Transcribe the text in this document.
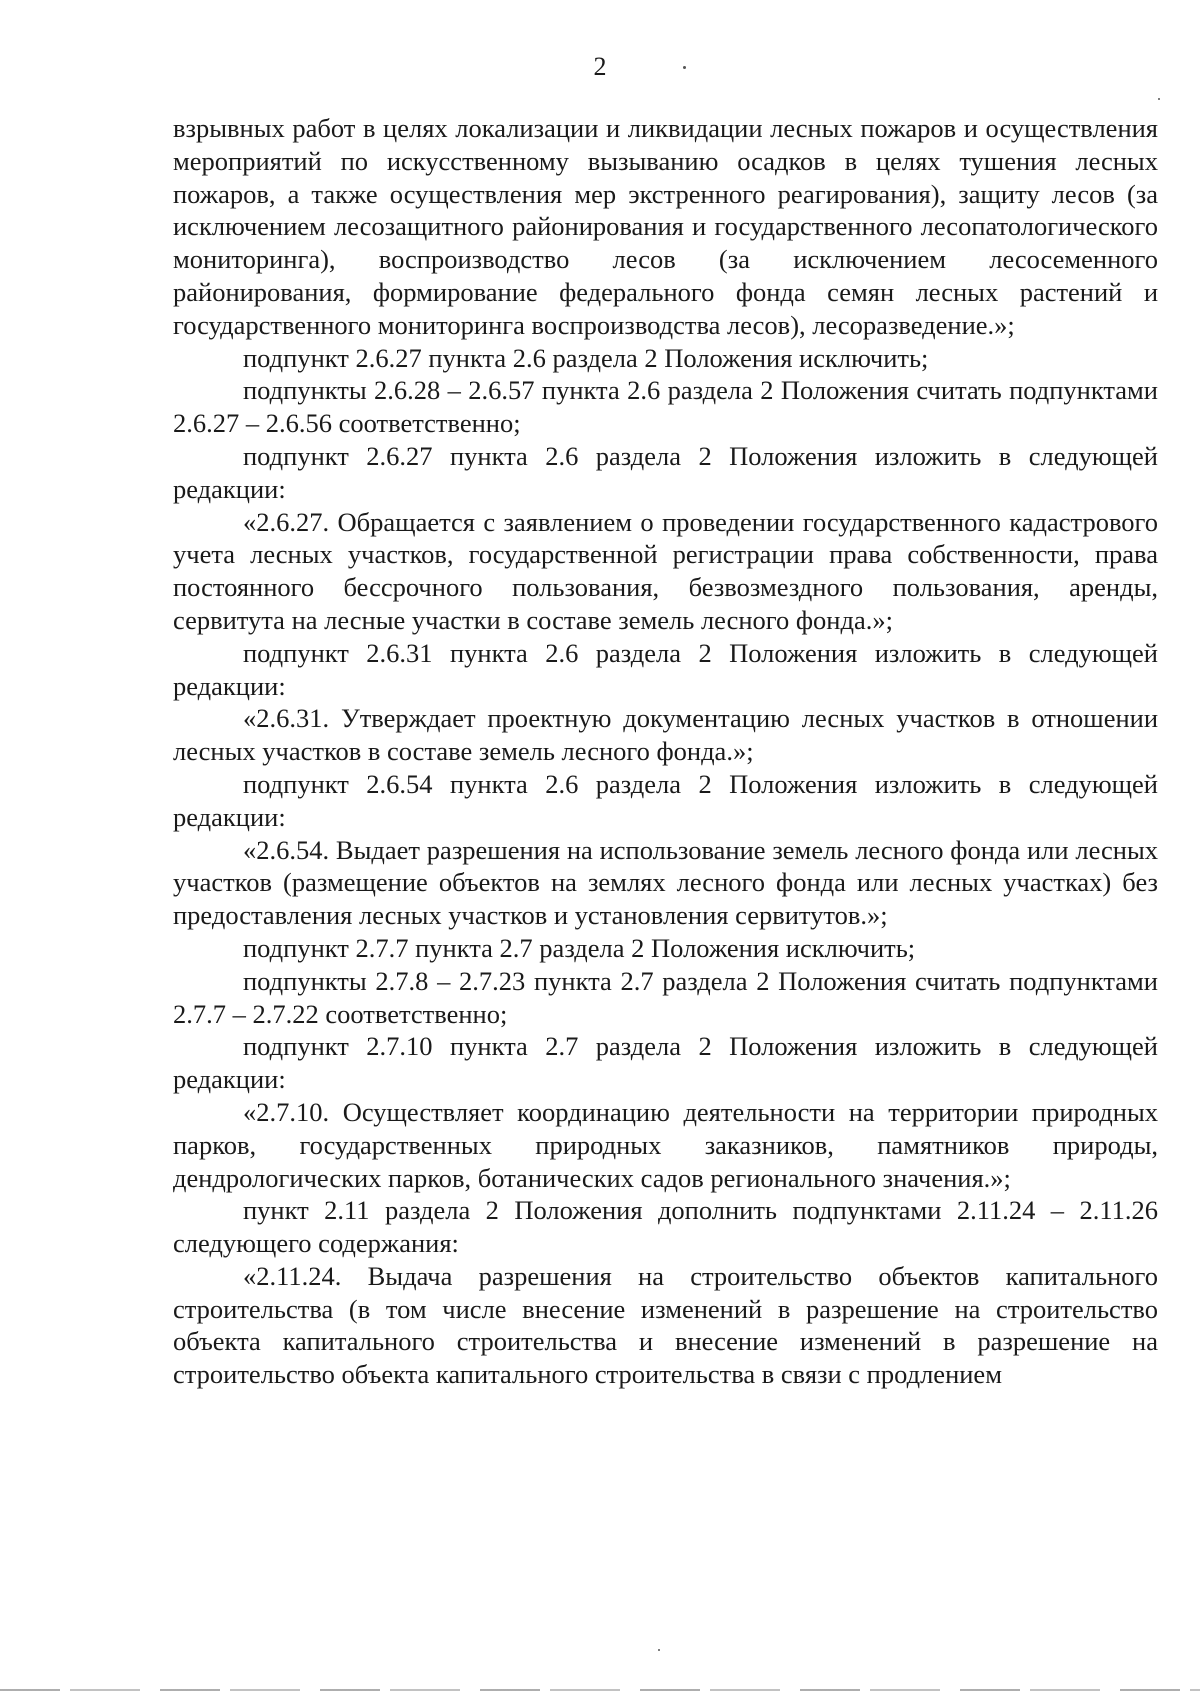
2

взрывных работ в целях локализации и ликвидации лесных пожаров и осуществления мероприятий по искусственному вызыванию осадков в целях тушения лесных пожаров, а также осуществления мер экстренного реагирования), защиту лесов (за исключением лесозащитного районирования и государственного лесопатологического мониторинга), воспроизводство лесов (за исключением лесосеменного районирования, формирование федерального фонда семян лесных растений и государственного мониторинга воспроизводства лесов), лесоразведение.»;

подпункт 2.6.27 пункта 2.6 раздела 2 Положения исключить;

подпункты 2.6.28 – 2.6.57 пункта 2.6 раздела 2 Положения считать подпунктами 2.6.27 – 2.6.56 соответственно;

подпункт 2.6.27 пункта 2.6 раздела 2 Положения изложить в следующей редакции:

«2.6.27. Обращается с заявлением о проведении государственного кадастрового учета лесных участков, государственной регистрации права собственности, права постоянного бессрочного пользования, безвозмездного пользования, аренды, сервитута на лесные участки в составе земель лесного фонда.»;

подпункт 2.6.31 пункта 2.6 раздела 2 Положения изложить в следующей редакции:

«2.6.31. Утверждает проектную документацию лесных участков в отношении лесных участков в составе земель лесного фонда.»;

подпункт 2.6.54 пункта 2.6 раздела 2 Положения изложить в следующей редакции:

«2.6.54. Выдает разрешения на использование земель лесного фонда или лесных участков (размещение объектов на землях лесного фонда или лесных участках) без предоставления лесных участков и установления сервитутов.»;

подпункт 2.7.7 пункта 2.7 раздела 2 Положения исключить;

подпункты 2.7.8 – 2.7.23 пункта 2.7 раздела 2 Положения считать подпунктами 2.7.7 – 2.7.22 соответственно;

подпункт 2.7.10 пункта 2.7 раздела 2 Положения изложить в следующей редакции:

«2.7.10. Осуществляет координацию деятельности на территории природных парков, государственных природных заказников, памятников природы, дендрологических парков, ботанических садов регионального значения.»;

пункт 2.11 раздела 2 Положения дополнить подпунктами 2.11.24 – 2.11.26 следующего содержания:

«2.11.24. Выдача разрешения на строительство объектов капитального строительства (в том числе внесение изменений в разрешение на строительство объекта капитального строительства и внесение изменений в разрешение на строительство объекта капитального строительства в связи с продлением
